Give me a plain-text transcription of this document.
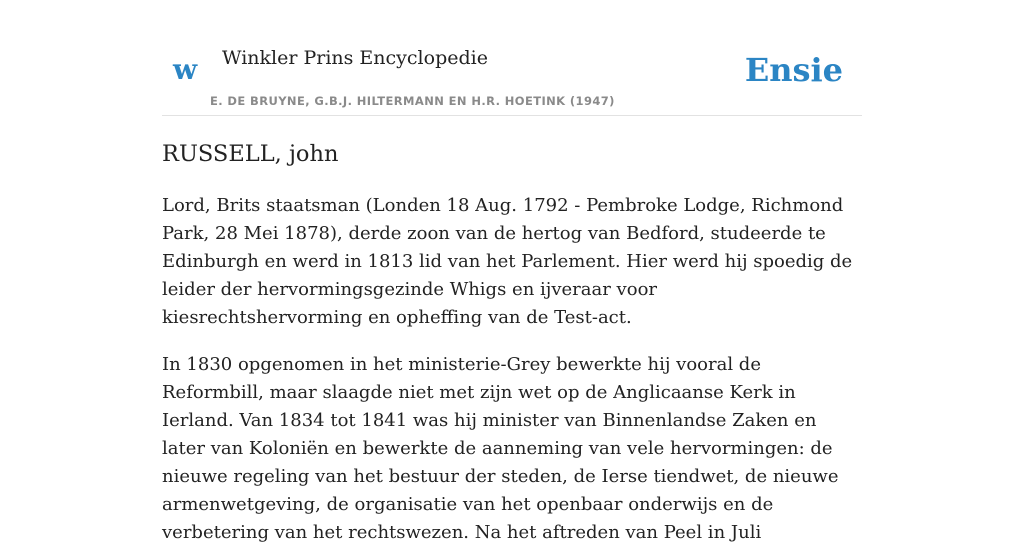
w Winkler Prins Encyclopedie
E. DE BRUYNE, G.B.J. HILTERMANN EN H.R. HOETINK (1947)
Ensie
RUSSELL, john

Lord, Brits staatsman (Londen 18 Aug. 1792 - Pembroke Lodge, Richmond Park, 28 Mei 1878), derde zoon van de hertog van Bedford, studeerde te Edinburgh en werd in 1813 lid van het Parlement. Hier werd hij spoedig de leider der hervormingsgezinde Whigs en ijveraar voor kiesrechtshervorming en opheffing van de Test-act.

In 1830 opgenomen in het ministerie-Grey bewerkte hij vooral de Reformbill, maar slaagde niet met zijn wet op de Anglicaanse Kerk in Ierland. Van 1834 tot 1841 was hij minister van Binnenlandse Zaken en later van Koloniën en bewerkte de aanneming van vele hervormingen: de nieuwe regeling van het bestuur der steden, de Ierse tiendwet, de nieuwe armenwetgeving, de organisatie van het openbaar onderwijs en de verbetering van het rechtswezen. Na het aftreden van Peel in Juli
